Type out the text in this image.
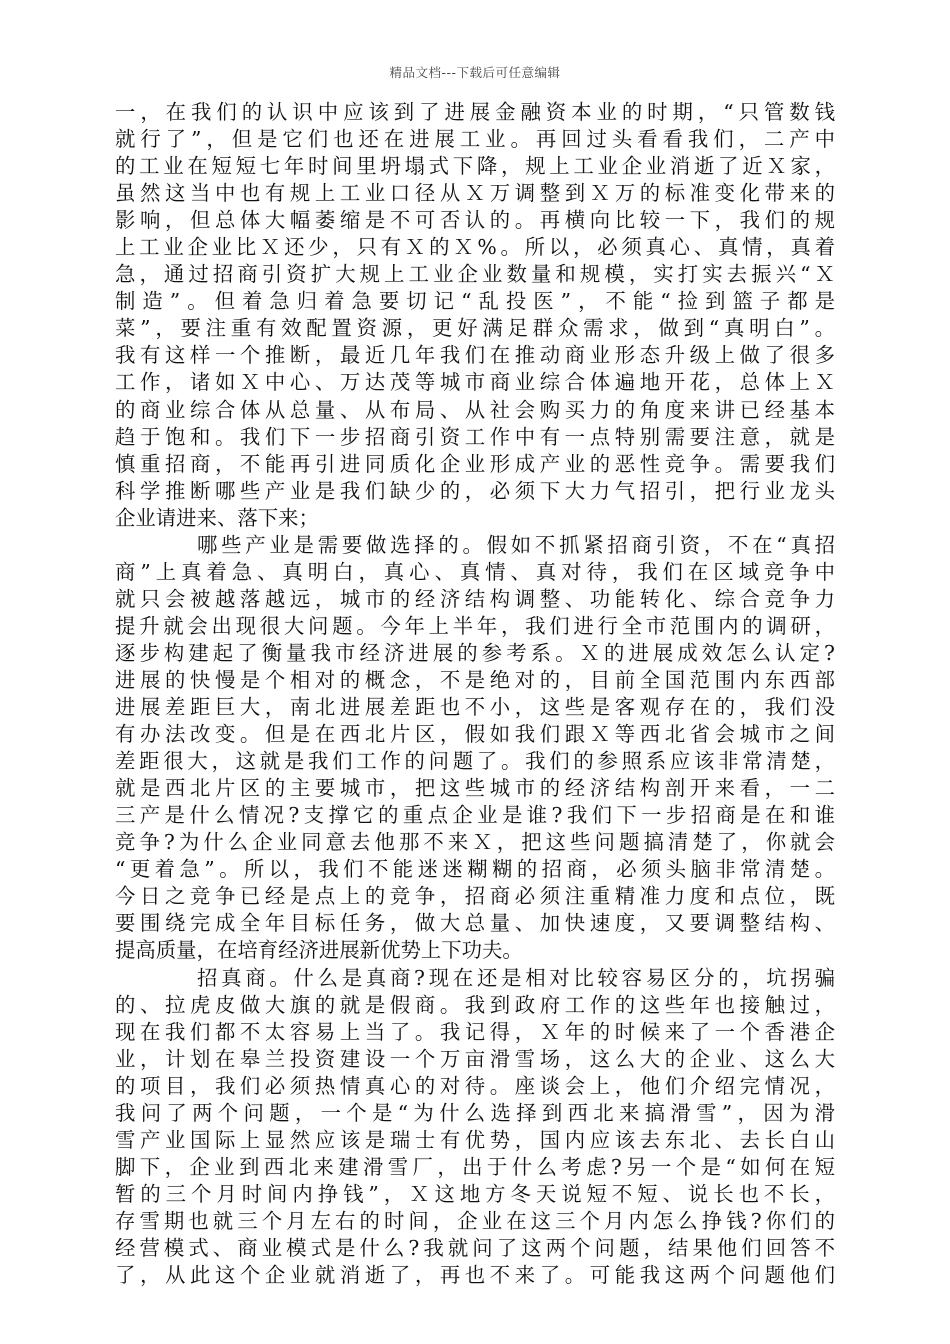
精品文档---下载后可任意编辑
一，在我们的认识中应该到了进展金融资本业的时期，“只管数钱
就行了”，但是它们也还在进展工业。再回过头看看我们，二产中
的工业在短短七年时间里坍塌式下降，规上工业企业消逝了近Ｘ家，
虽然这当中也有规上工业口径从Ｘ万调整到Ｘ万的标准变化带来的
影响，但总体大幅萎缩是不可否认的。再横向比较一下，我们的规
上工业企业比Ｘ还少，只有Ｘ的Ｘ%。所以，必须真心、真情，真着
急，通过招商引资扩大规上工业企业数量和规模，实打实去振兴“Ｘ
制造”。但着急归着急要切记“乱投医”，不能“捡到篮子都是
菜”，要注重有效配置资源，更好满足群众需求，做到“真明白”。
我有这样一个推断，最近几年我们在推动商业形态升级上做了很多
工作，诸如Ｘ中心、万达茂等城市商业综合体遍地开花，总体上Ｘ
的商业综合体从总量、从布局、从社会购买力的角度来讲已经基本
趋于饱和。我们下一步招商引资工作中有一点特别需要注意，就是
慎重招商，不能再引进同质化企业形成产业的恶性竞争。需要我们
科学推断哪些产业是我们缺少的，必须下大力气招引，把行业龙头
企业请进来、落下来；
哪些产业是需要做选择的。假如不抓紧招商引资，不在“真招
商”上真着急、真明白，真心、真情、真对待，我们在区域竞争中
就只会被越落越远，城市的经济结构调整、功能转化、综合竞争力
提升就会出现很大问题。今年上半年，我们进行全市范围内的调研，
逐步构建起了衡量我市经济进展的参考系。Ｘ的进展成效怎么认定?
进展的快慢是个相对的概念，不是绝对的，目前全国范围内东西部
进展差距巨大，南北进展差距也不小，这些是客观存在的，我们没
有办法改变。但是在西北片区，假如我们跟Ｘ等西北省会城市之间
差距很大，这就是我们工作的问题了。我们的参照系应该非常清楚，
就是西北片区的主要城市，把这些城市的经济结构剖开来看，一二
三产是什么情况?支撑它的重点企业是谁?我们下一步招商是在和谁
竞争?为什么企业同意去他那不来Ｘ，把这些问题搞清楚了，你就会
“更着急”。所以，我们不能迷迷糊糊的招商，必须头脑非常清楚。
今日之竞争已经是点上的竞争，招商必须注重精准力度和点位，既
要围绕完成全年目标任务，做大总量、加快速度，又要调整结构、
提高质量，在培育经济进展新优势上下功夫。
招真商。什么是真商?现在还是相对比较容易区分的，坑拐骗
的、拉虎皮做大旗的就是假商。我到政府工作的这些年也接触过，
现在我们都不太容易上当了。我记得，Ｘ年的时候来了一个香港企
业，计划在皋兰投资建设一个万亩滑雪场，这么大的企业、这么大
的项目，我们必须热情真心的对待。座谈会上，他们介绍完情况，
我问了两个问题，一个是“为什么选择到西北来搞滑雪”，因为滑
雪产业国际上显然应该是瑞士有优势，国内应该去东北、去长白山
脚下，企业到西北来建滑雪厂，出于什么考虑?另一个是“如何在短
暂的三个月时间内挣钱”，Ｘ这地方冬天说短不短、说长也不长，
存雪期也就三个月左右的时间，企业在这三个月内怎么挣钱?你们的
经营模式、商业模式是什么?我就问了这两个问题，结果他们回答不
了，从此这个企业就消逝了，再也不来了。可能我这两个问题他们
